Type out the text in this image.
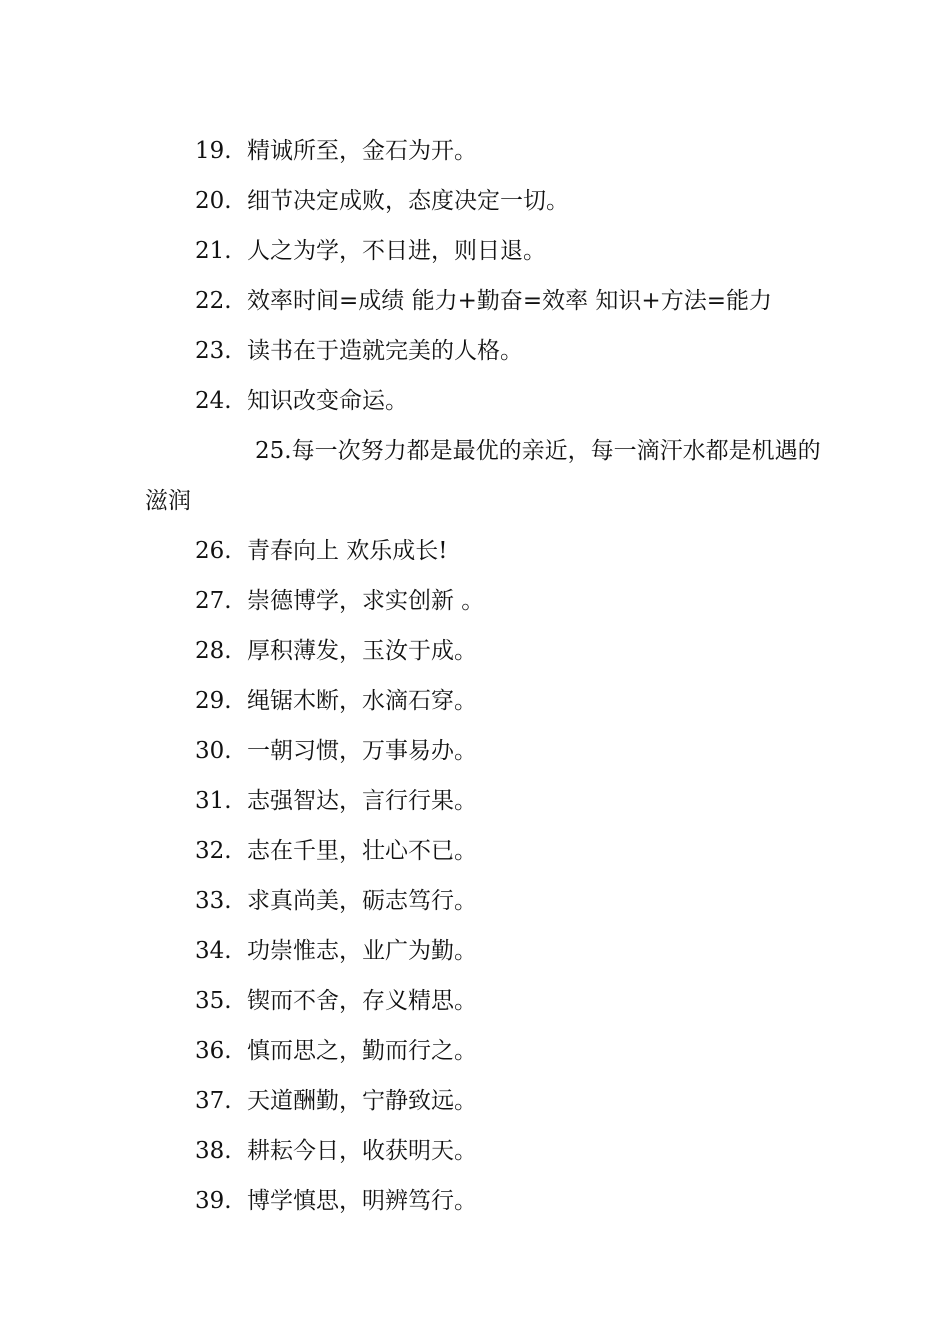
19. 精诚所至，金石为开。
20. 细节决定成败，态度决定一切。
21. 人之为学，不日进，则日退。
22. 效率时间=成绩 能力+勤奋=效率 知识+方法=能力
23. 读书在于造就完美的人格。
24. 知识改变命运。
25.每一次努力都是最优的亲近，每一滴汗水都是机遇的滋润
26. 青春向上 欢乐成长!
27. 崇德博学，求实创新 。
28. 厚积薄发，玉汝于成。
29. 绳锯木断，水滴石穿。
30. 一朝习惯，万事易办。
31. 志强智达，言行行果。
32. 志在千里，壮心不已。
33. 求真尚美，砺志笃行。
34. 功崇惟志，业广为勤。
35. 锲而不舍，存义精思。
36. 慎而思之，勤而行之。
37. 天道酬勤，宁静致远。
38. 耕耘今日，收获明天。
39. 博学慎思，明辨笃行。
